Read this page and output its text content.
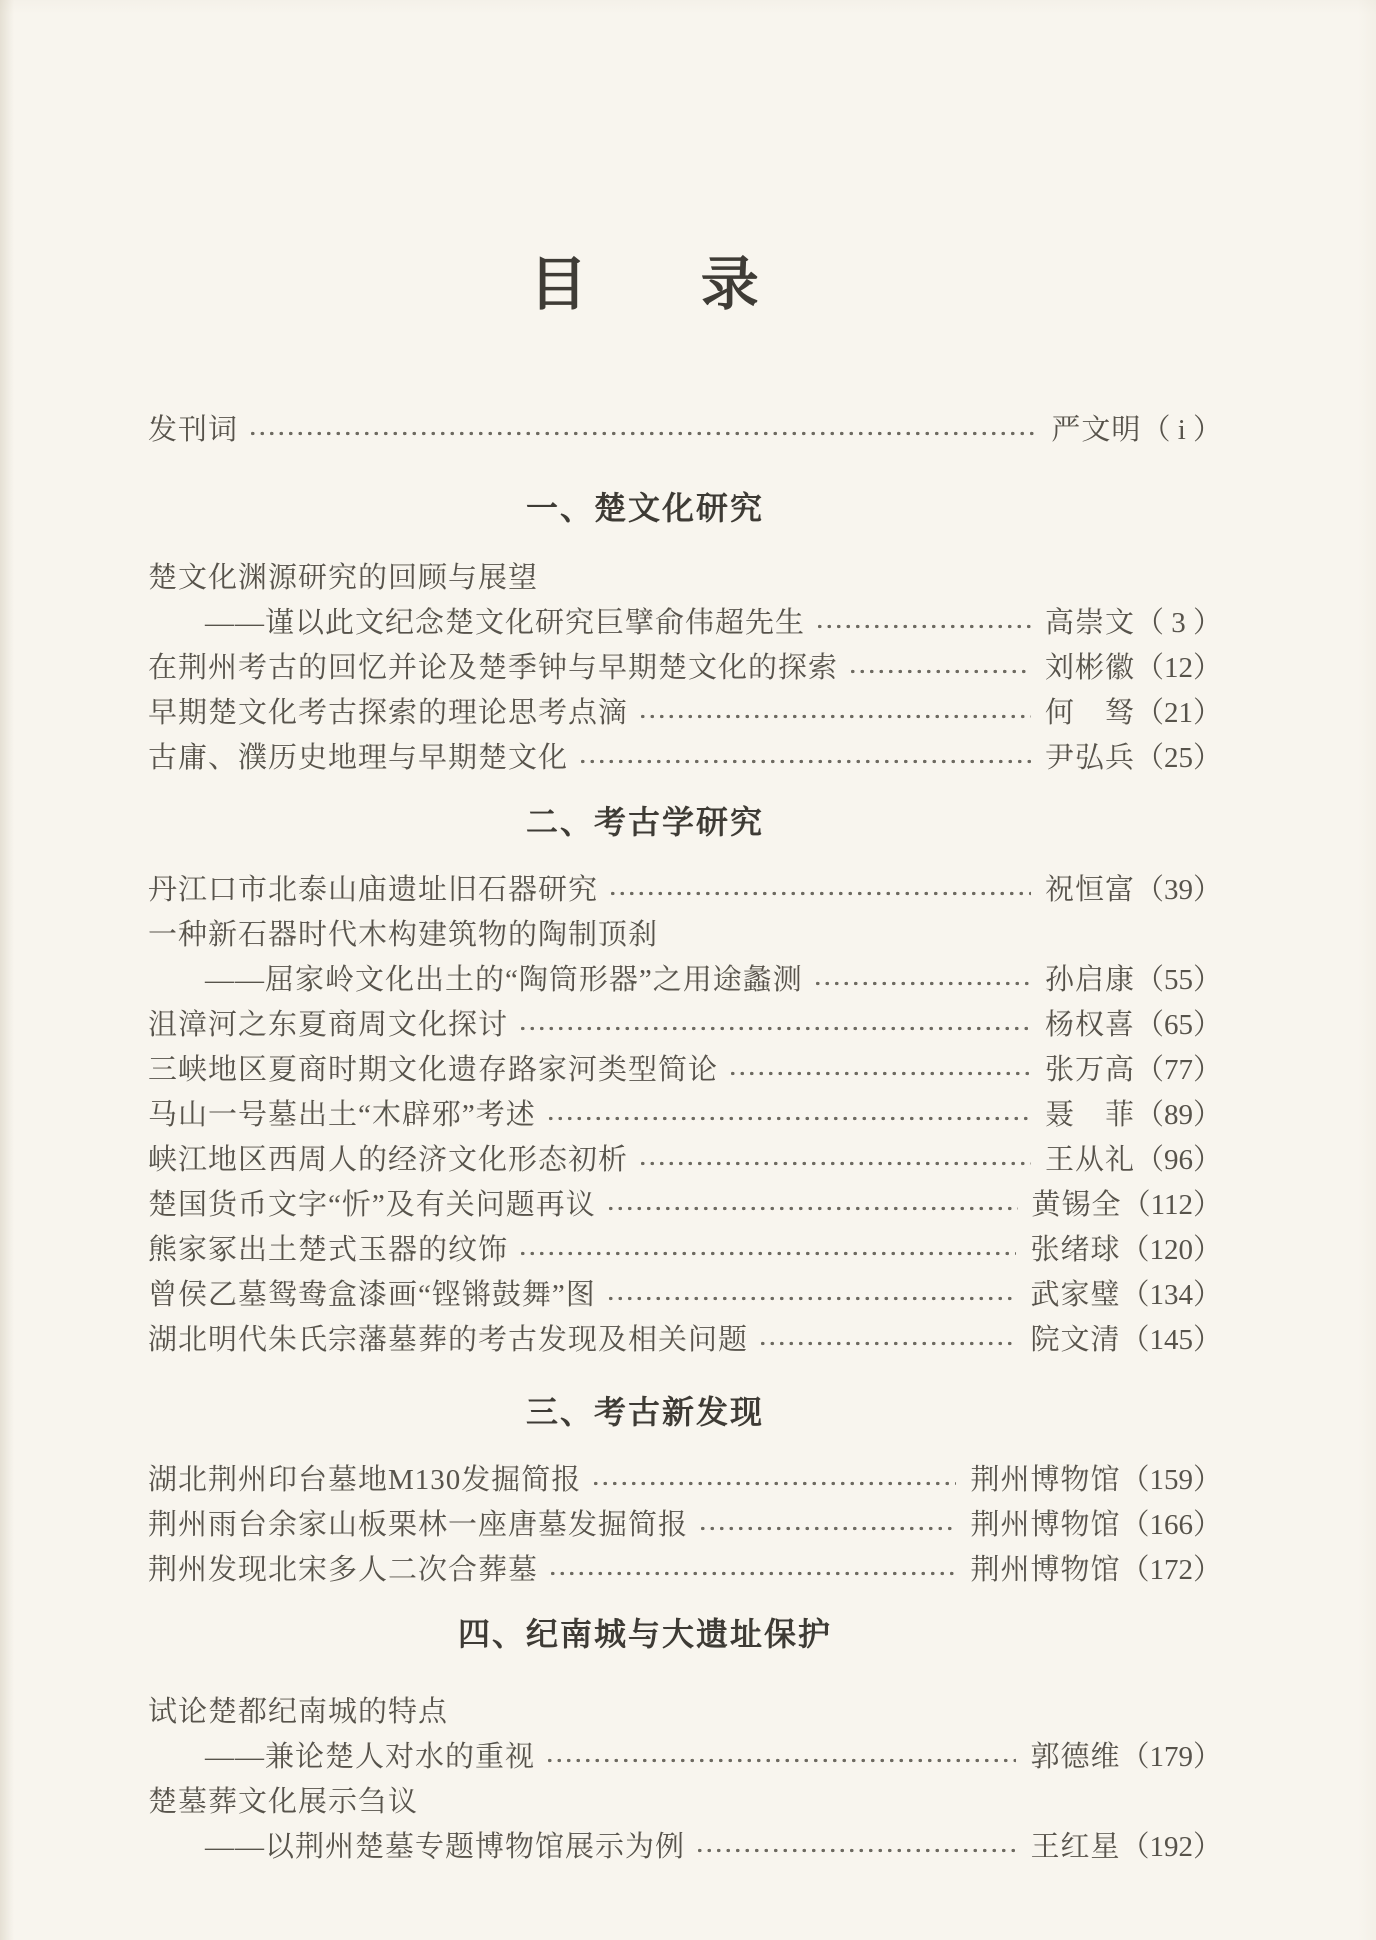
目 录
发刊词	严文明 （ i ）
一、楚文化研究
楚文化渊源研究的回顾与展望
——谨以此文纪念楚文化研究巨擘俞伟超先生	高崇文 （ 3 ）
在荆州考古的回忆并论及楚季钟与早期楚文化的探索	刘彬徽 （12）
早期楚文化考古探索的理论思考点滴	何　驽 （21）
古庸、濮历史地理与早期楚文化	尹弘兵 （25）
二、考古学研究
丹江口市北泰山庙遗址旧石器研究	祝恒富 （39）
一种新石器时代木构建筑物的陶制顶刹
——屈家岭文化出土的“陶筒形器”之用途蠡测	孙启康 （55）
沮漳河之东夏商周文化探讨	杨权喜 （65）
三峡地区夏商时期文化遗存路家河类型简论	张万高 （77）
马山一号墓出土“木辟邪”考述	聂　菲 （89）
峡江地区西周人的经济文化形态初析	王从礼 （96）
楚国货币文字“忻”及有关问题再议	黄锡全 （112）
熊家冢出土楚式玉器的纹饰	张绪球 （120）
曾侯乙墓鸳鸯盒漆画“铿锵鼓舞”图	武家璧 （134）
湖北明代朱氏宗藩墓葬的考古发现及相关问题	院文清 （145）
三、考古新发现
湖北荆州印台墓地M130发掘简报	荆州博物馆 （159）
荆州雨台余家山板栗林一座唐墓发掘简报	荆州博物馆 （166）
荆州发现北宋多人二次合葬墓	荆州博物馆 （172）
四、纪南城与大遗址保护
试论楚都纪南城的特点
——兼论楚人对水的重视	郭德维 （179）
楚墓葬文化展示刍议
——以荆州楚墓专题博物馆展示为例	王红星 （192）
